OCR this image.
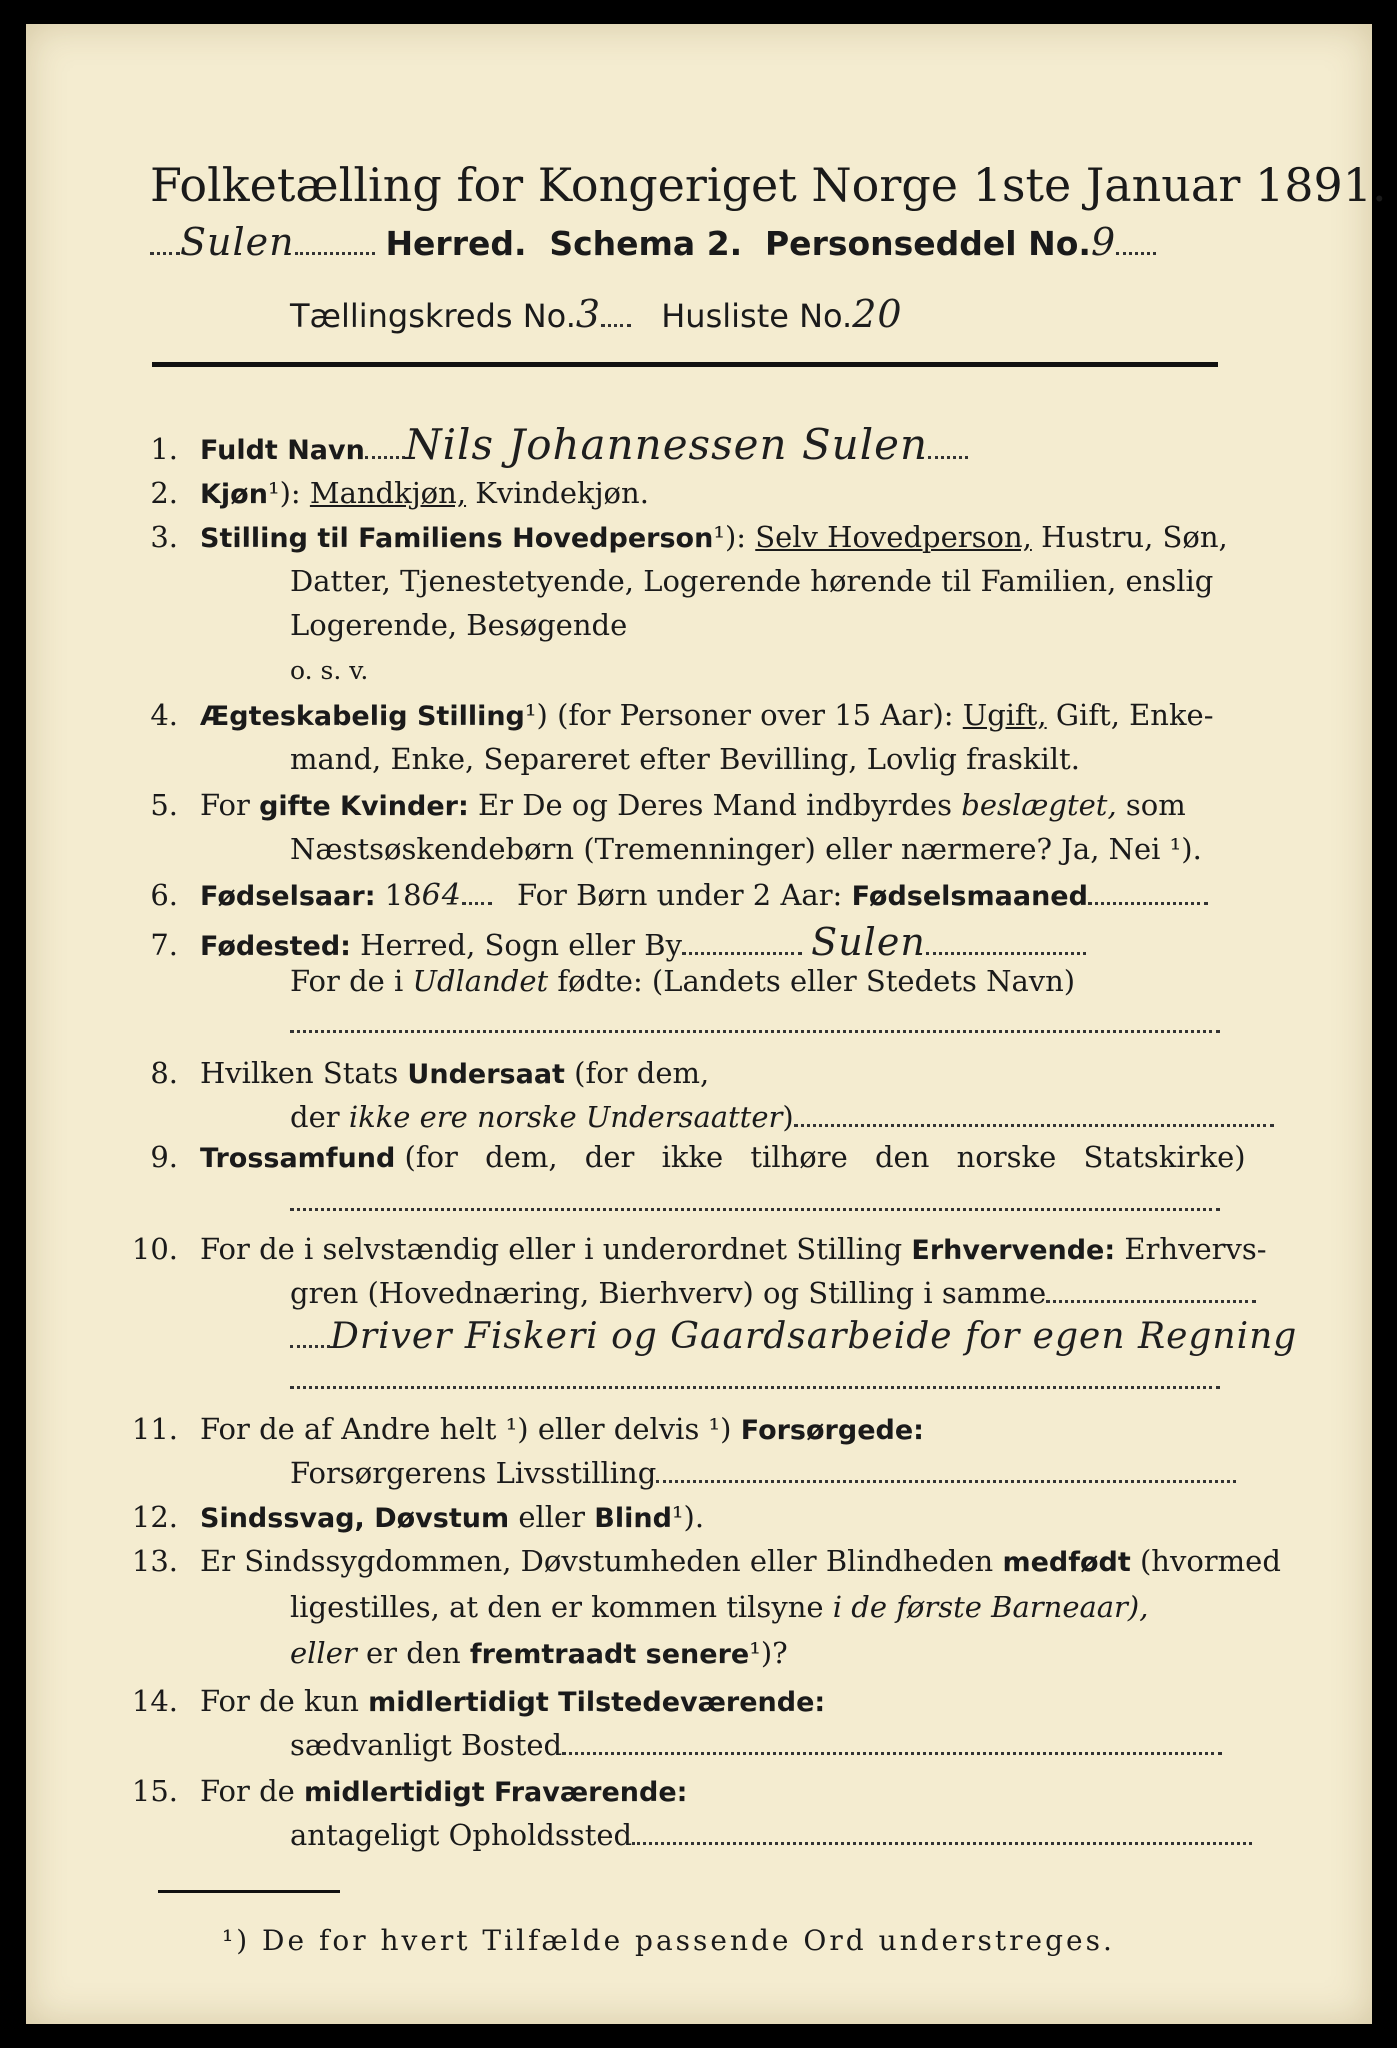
Folketælling for Kongeriget Norge 1ste Januar 1891.
Sulen	Herred. Schema 2. Personseddel No.9
Tællingskreds No.3 Husliste No.20
1. Fuldt Navn Nils Johannessen Sulen
2. Kjøn¹): Mandkjøn, Kvindekjøn.
3. Stilling til Familiens Hovedperson¹): Selv Hovedperson, Hustru, Søn,
Datter, Tjenestetyende, Logerende hørende til Familien, enslig
Logerende, Besøgende
o. s. v.
4. Ægteskabelig Stilling¹) (for Personer over 15 Aar): Ugift, Gift, Enke-
mand, Enke, Separeret efter Bevilling, Lovlig fraskilt.
5. For gifte Kvinder: Er De og Deres Mand indbyrdes beslægtet, som
Næstsøskendebørn (Tremenninger) eller nærmere? Ja, Nei ¹).
6. Fødselsaar: 1864 For Børn under 2 Aar: Fødselsmaaned
7. Fødested: Herred, Sogn eller By	Sulen
For de i Udlandet fødte: (Landets eller Stedets Navn)
8. Hvilken Stats Undersaat (for dem,
der ikke ere norske Undersaatter)
9. Trossamfund (for dem, der ikke tilhøre den norske Statskirke)
10. For de i selvstændig eller i underordnet Stilling Erhvervende: Erhvervs-
gren (Hovednæring, Bierhverv) og Stilling i samme
Driver Fiskeri og Gaardsarbeide for egen Regning
11. For de af Andre helt ¹) eller delvis ¹) Forsørgede:
Forsørgerens Livsstilling
12. Sindssvag, Døvstum eller Blind¹).
13. Er Sindssygdommen, Døvstumheden eller Blindheden medfødt (hvormed
ligestilles, at den er kommen tilsyne i de første Barneaar),
eller er den fremtraadt senere¹)?
14. For de kun midlertidigt Tilstedeværende:
sædvanligt Bosted
15. For de midlertidigt Fraværende:
antageligt Opholdssted
¹) De for hvert Tilfælde passende Ord understreges.
